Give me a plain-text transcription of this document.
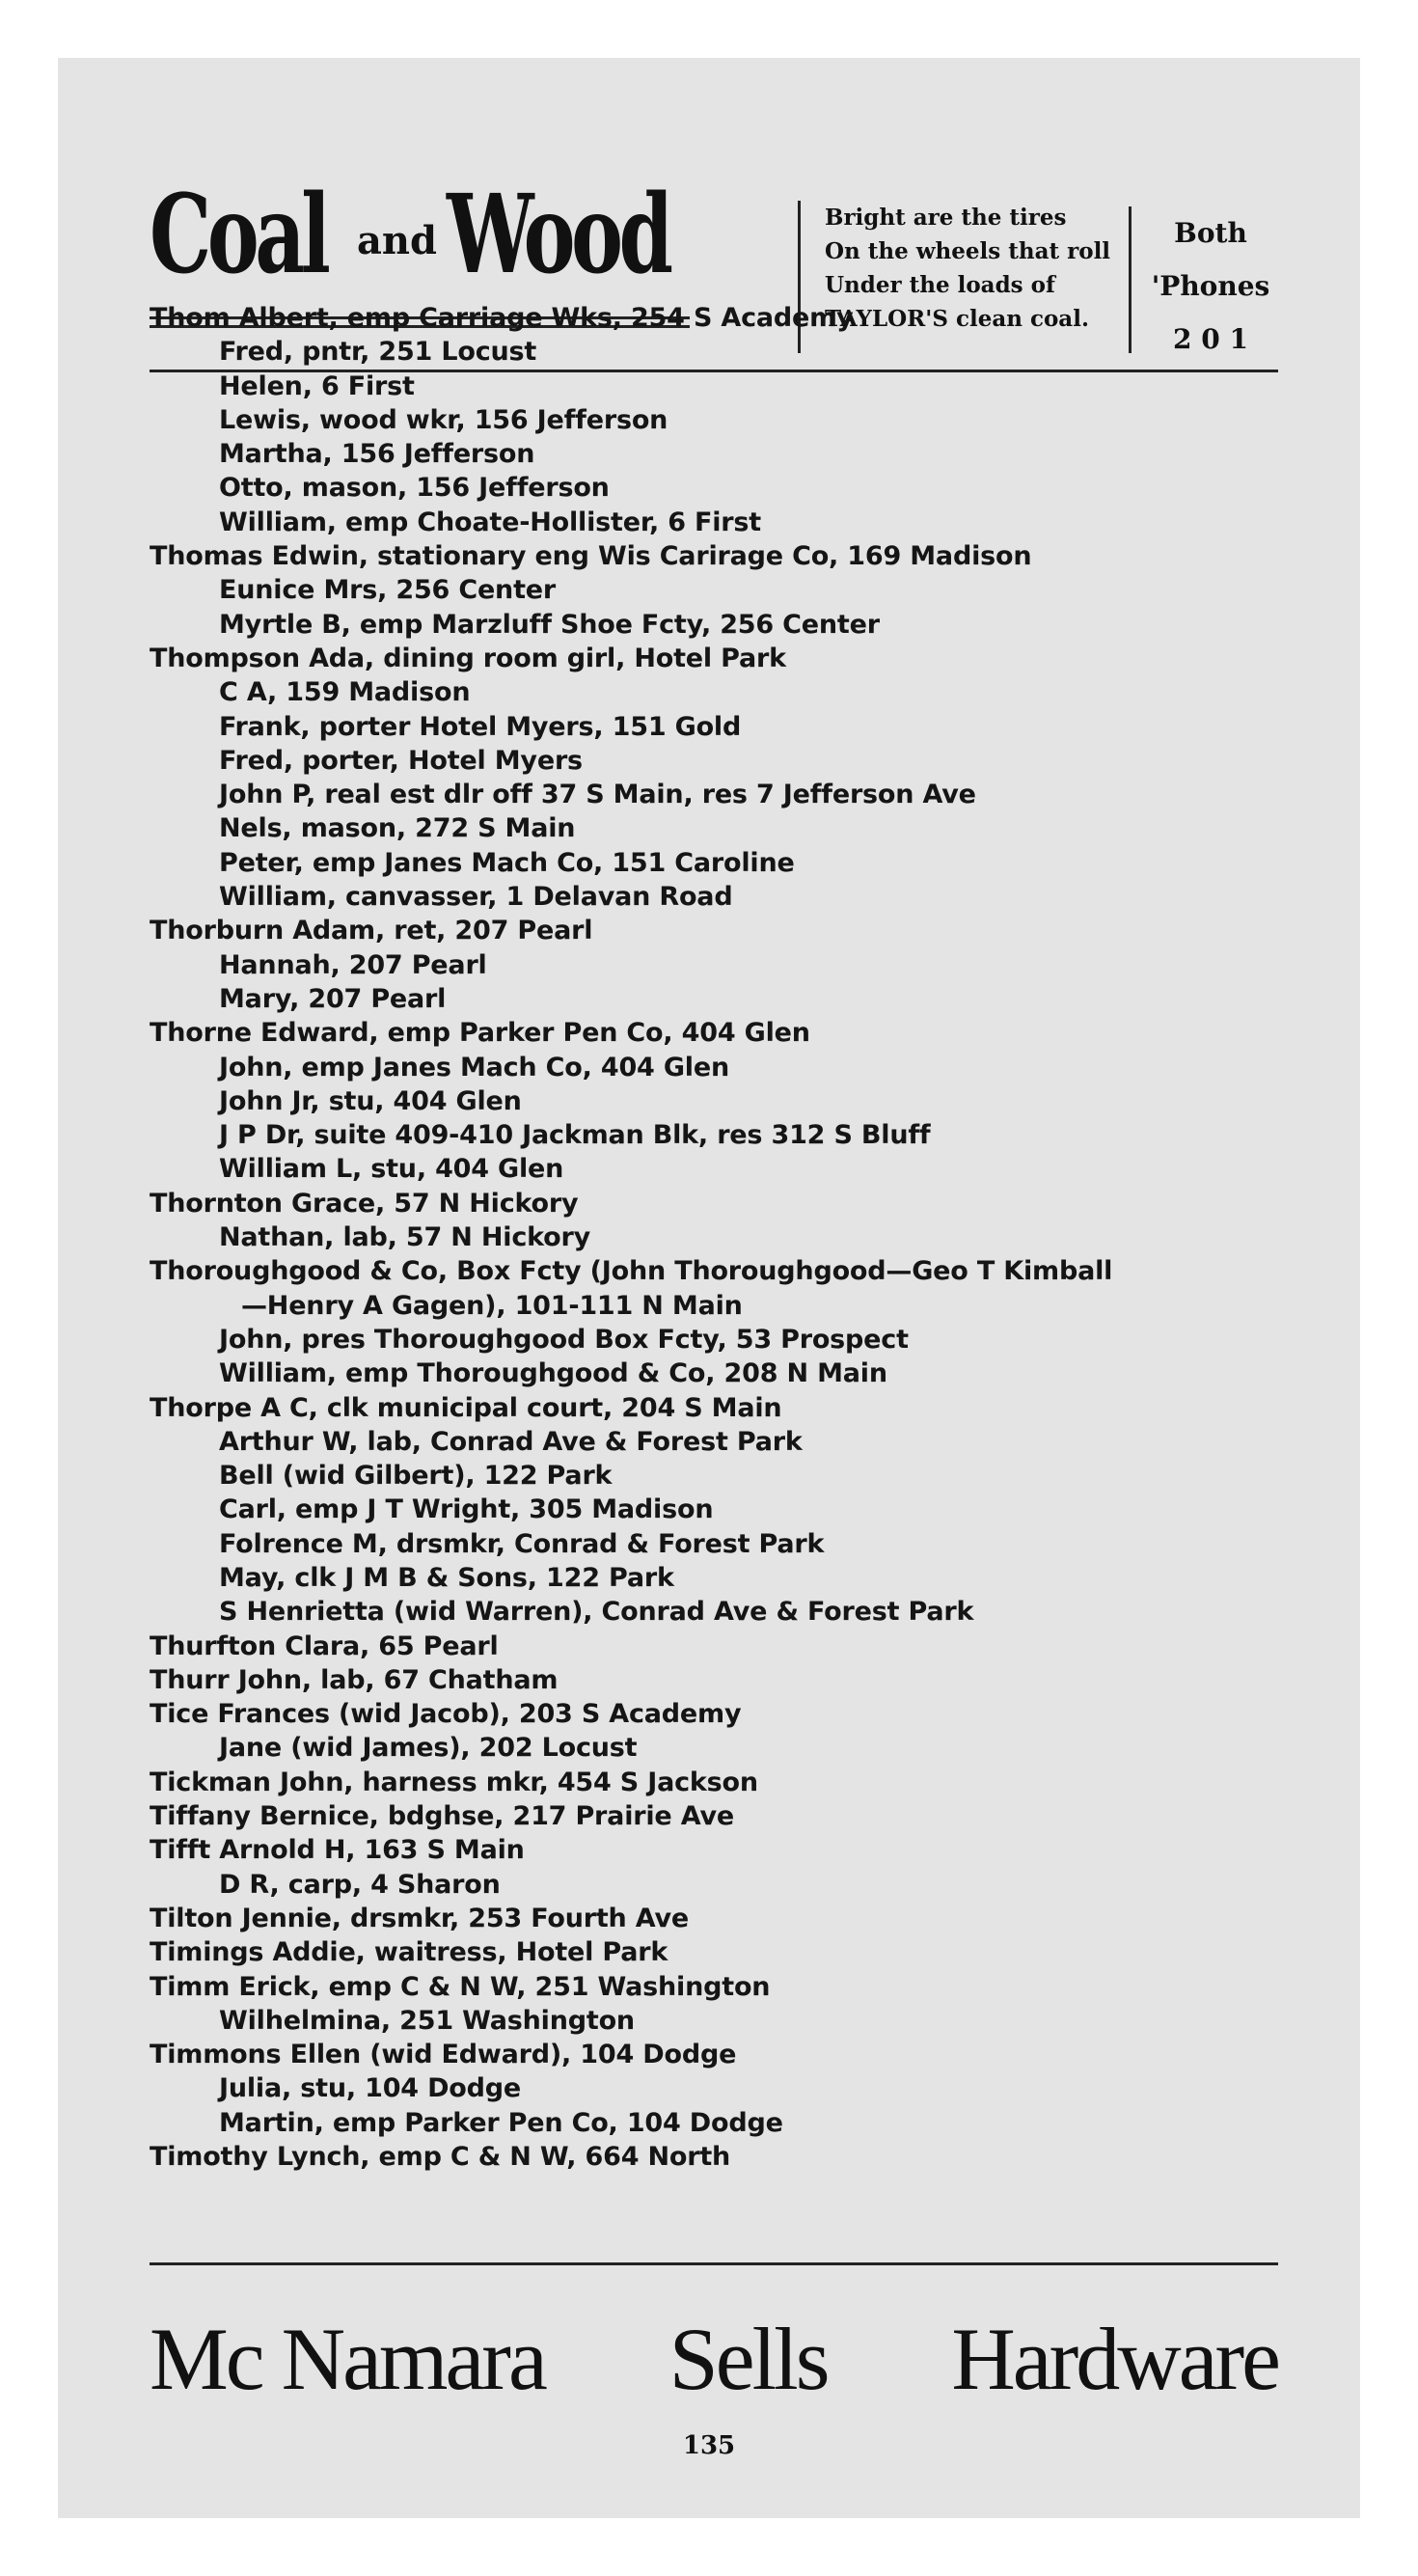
Coal and Wood	Bright are the tires
On the wheels that roll
Under the loads of
TAYLOR'S clean coal.
Both
'Phones
2 0 1
Thom Albert, emp Carriage Wks, 254 S Academy
Fred, pntr, 251 Locust
Helen, 6 First
Lewis, wood wkr, 156 Jefferson
Martha, 156 Jefferson
Otto, mason, 156 Jefferson
William, emp Choate-Hollister, 6 First
Thomas Edwin, stationary eng Wis Carirage Co, 169 Madison
Eunice Mrs, 256 Center
Myrtle B, emp Marzluff Shoe Fcty, 256 Center
Thompson Ada, dining room girl, Hotel Park
C A, 159 Madison
Frank, porter Hotel Myers, 151 Gold
Fred, porter, Hotel Myers
John P, real est dlr off 37 S Main, res 7 Jefferson Ave
Nels, mason, 272 S Main
Peter, emp Janes Mach Co, 151 Caroline
William, canvasser, 1 Delavan Road
Thorburn Adam, ret, 207 Pearl
Hannah, 207 Pearl
Mary, 207 Pearl
Thorne Edward, emp Parker Pen Co, 404 Glen
John, emp Janes Mach Co, 404 Glen
John Jr, stu, 404 Glen
J P Dr, suite 409-410 Jackman Blk, res 312 S Bluff
William L, stu, 404 Glen
Thornton Grace, 57 N Hickory
Nathan, lab, 57 N Hickory
Thoroughgood & Co, Box Fcty (John Thoroughgood—Geo T Kimball
—Henry A Gagen), 101-111 N Main
John, pres Thoroughgood Box Fcty, 53 Prospect
William, emp Thoroughgood & Co, 208 N Main
Thorpe A C, clk municipal court, 204 S Main
Arthur W, lab, Conrad Ave & Forest Park
Bell (wid Gilbert), 122 Park
Carl, emp J T Wright, 305 Madison
Folrence M, drsmkr, Conrad & Forest Park
May, clk J M B & Sons, 122 Park
S Henrietta (wid Warren), Conrad Ave & Forest Park
Thurfton Clara, 65 Pearl
Thurr John, lab, 67 Chatham
Tice Frances (wid Jacob), 203 S Academy
Jane (wid James), 202 Locust
Tickman John, harness mkr, 454 S Jackson
Tiffany Bernice, bdghse, 217 Prairie Ave
Tifft Arnold H, 163 S Main
D R, carp, 4 Sharon
Tilton Jennie, drsmkr, 253 Fourth Ave
Timings Addie, waitress, Hotel Park
Timm Erick, emp C & N W, 251 Washington
Wilhelmina, 251 Washington
Timmons Ellen (wid Edward), 104 Dodge
Julia, stu, 104 Dodge
Martin, emp Parker Pen Co, 104 Dodge
Timothy Lynch, emp C & N W, 664 North
Mc Namara Sells Hardware
135
